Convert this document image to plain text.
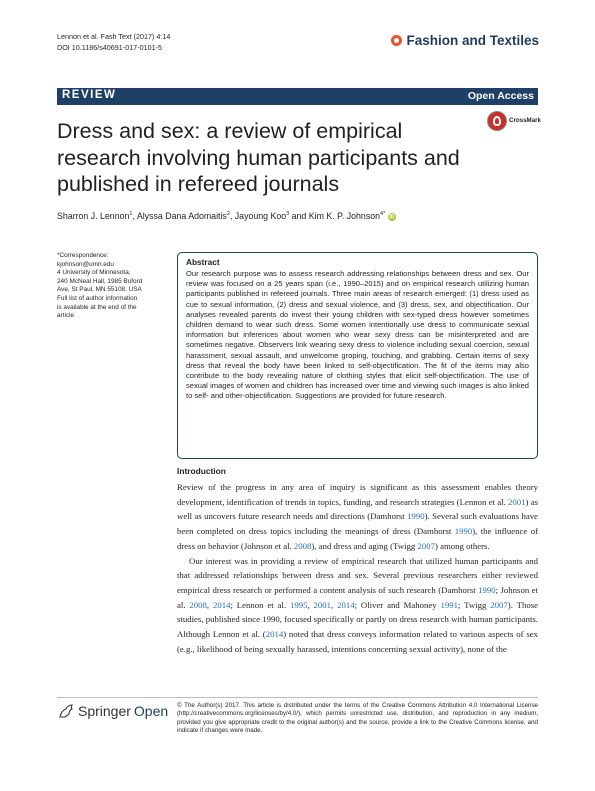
Lennon et al. Fash Text (2017) 4:14
DOI 10.1186/s40691-017-0101-5	Fashion and Textiles
REVIEW	Open Access
Dress and sex: a review of empirical research involving human participants and published in refereed journals
CrossMark
Sharron J. Lennon$^1$, Alyssa Dana Adomaitis$^2$, Jayoung Koo$^3$ and Kim K. P. Johnson$^{4*}$ iD
*Correspondence:
kjohnson@umn.edu
4 University of Minnesota,
240 McNeal Hall, 1985 Buford
Ave, St Paul, MN 55108, USA
Full list of author information
is available at the end of the
article
Abstract
Our research purpose was to assess research addressing relationships between dress and sex. Our review was focused on a 25 years span (i.e., 1990–2015) and on empirical research utilizing human participants published in refereed journals. Three main areas of research emerged: (1) dress used as cue to sexual information, (2) dress and sexual violence, and (3) dress, sex, and objectification. Our analyses revealed parents do invest their young children with sex-typed dress however sometimes children demand to wear such dress. Some women intentionally use dress to communicate sexual information but inferences about women who wear sexy dress can be misinterpreted and are sometimes negative. Observers link wearing sexy dress to violence including sexual coercion, sexual harassment, sexual assault, and unwelcome groping, touching, and grabbing. Certain items of sexy dress that reveal the body have been linked to self-objectification. The fit of the items may also contribute to the body revealing nature of clothing styles that elicit self-objectification. The use of sexual images of women and children has increased over time and viewing such images is also linked to self- and other-objectification. Suggestions are provided for future research.
Introduction

Review of the progress in any area of inquiry is significant as this assessment enables theory development, identification of trends in topics, funding, and research strategies (Lennon et al. 2001) as well as uncovers future research needs and directions (Damhorst 1990). Several such evaluations have been completed on dress topics including the meanings of dress (Damhorst 1990), the influence of dress on behavior (Johnson et al. 2008), and dress and aging (Twigg 2007) among others.

Our interest was in providing a review of empirical research that utilized human participants and that addressed relationships between dress and sex. Several previous researchers either reviewed empirical dress research or performed a content analysis of such research (Damhorst 1990; Johnson et al. 2008, 2014; Lennon et al. 1995, 2001, 2014; Oliver and Mahoney 1991; Twigg 2007). Those studies, published since 1990, focused specifically or partly on dress research with human participants. Although Lennon et al. (2014) noted that dress conveys information related to various aspects of sex (e.g., likelihood of being sexually harassed, intentions concerning sexual activity), none of the

Springer Open © The Author(s) 2017. This article is distributed under the terms of the Creative Commons Attribution 4.0 International License (http://creativecommons.org/licenses/by/4.0/), which permits unrestricted use, distribution, and reproduction in any medium, provided you give appropriate credit to the original author(s) and the source, provide a link to the Creative Commons license, and indicate if changes were made.
